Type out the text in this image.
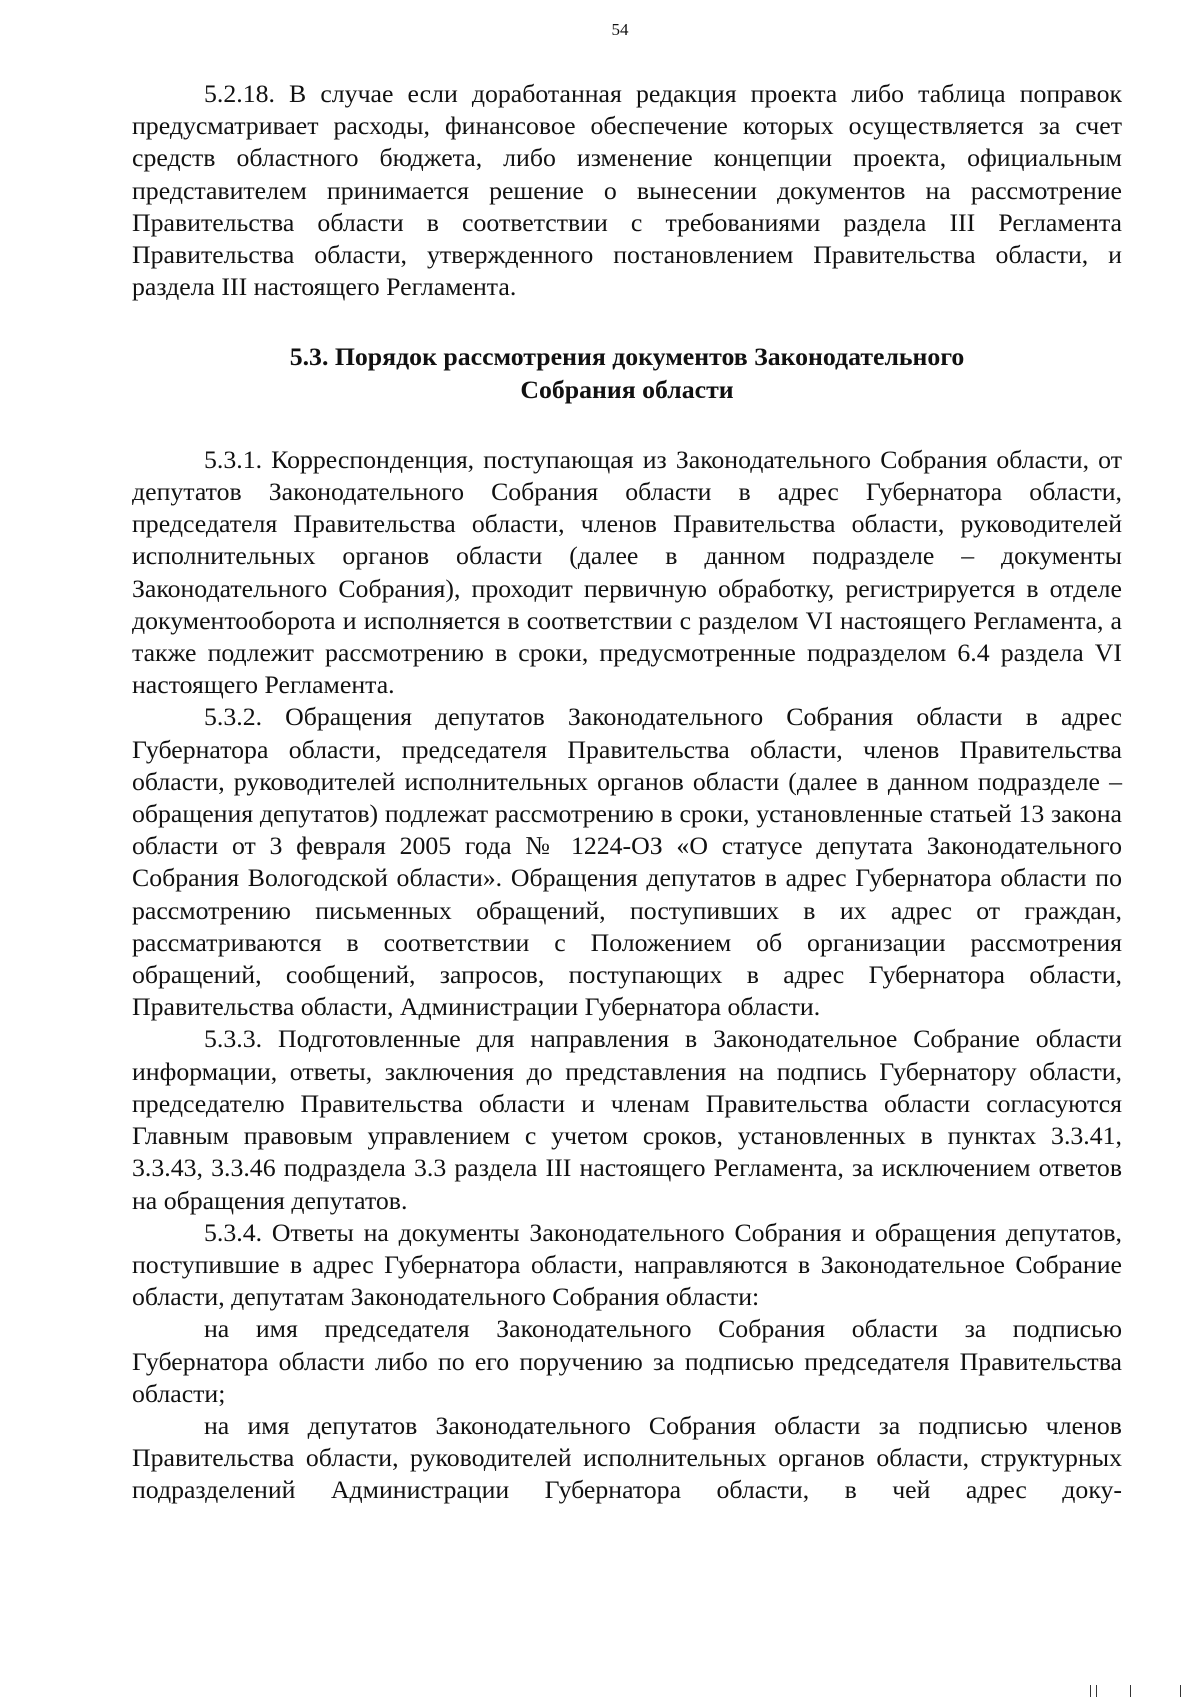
54

5.2.18. В случае если доработанная редакция проекта либо таблица поправок предусматривает расходы, финансовое обеспечение которых осуществляется за счет средств областного бюджета, либо изменение концепции проекта, официальным представителем принимается решение о вынесении документов на рассмотрение Правительства области в соответствии с требованиями раздела III Регламента Правительства области, утвержденного постановлением Правительства области, и раздела III настоящего Регламента.

5.3. Порядок рассмотрения документов Законодательного
Собрания области

5.3.1. Корреспонденция, поступающая из Законодательного Собрания области, от депутатов Законодательного Собрания области в адрес Губернатора области, председателя Правительства области, членов Правительства области, руководителей исполнительных органов области (далее в данном подразделе – документы Законодательного Собрания), проходит первичную обработку, регистрируется в отделе документооборота и исполняется в соответствии с разделом VI настоящего Регламента, а также подлежит рассмотрению в сроки, предусмотренные подразделом 6.4 раздела VI настоящего Регламента.

5.3.2. Обращения депутатов Законодательного Собрания области в адрес Губернатора области, председателя Правительства области, членов Правительства области, руководителей исполнительных органов области (далее в данном подразделе – обращения депутатов) подлежат рассмотрению в сроки, установленные статьей 13 закона области от 3 февраля 2005 года № 1224-ОЗ «О статусе депутата Законодательного Собрания Вологодской области». Обращения депутатов в адрес Губернатора области по рассмотрению письменных обращений, поступивших в их адрес от граждан, рассматриваются в соответствии с Положением об организации рассмотрения обращений, сообщений, запросов, поступающих в адрес Губернатора области, Правительства области, Администрации Губернатора области.

5.3.3. Подготовленные для направления в Законодательное Собрание области информации, ответы, заключения до представления на подпись Губернатору области, председателю Правительства области и членам Правительства области согласуются Главным правовым управлением с учетом сроков, установленных в пунктах 3.3.41, 3.3.43, 3.3.46 подраздела 3.3 раздела III настоящего Регламента, за исключением ответов на обращения депутатов.

5.3.4. Ответы на документы Законодательного Собрания и обращения депутатов, поступившие в адрес Губернатора области, направляются в Законодательное Собрание области, депутатам Законодательного Собрания области:

на имя председателя Законодательного Собрания области за подписью Губернатора области либо по его поручению за подписью председателя Правительства области;

на имя депутатов Законодательного Собрания области за подписью членов Правительства области, руководителей исполнительных органов области, структурных подразделений Администрации Губернатора области, в чей адрес доку-
